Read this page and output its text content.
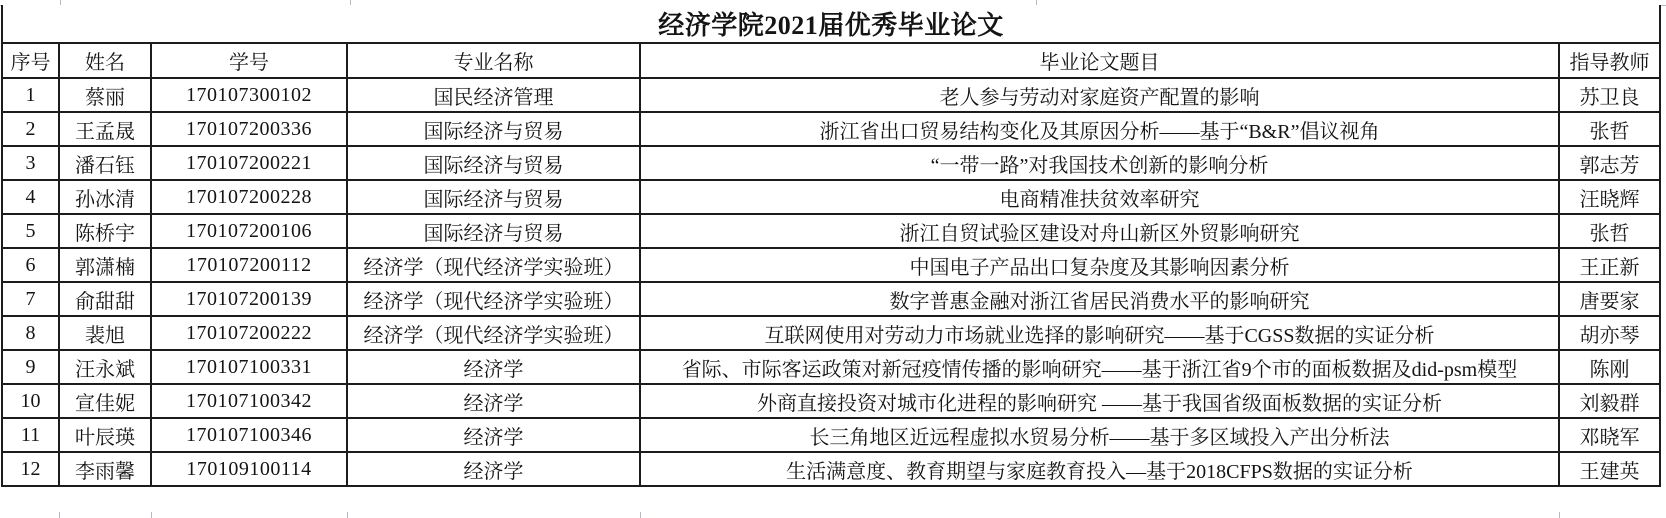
经济学院2021届优秀毕业论文					
序号	姓名	学号	专业名称	毕业论文题目	指导教师
1	蔡丽	170107300102	国民经济管理	老人参与劳动对家庭资产配置的影响	苏卫良
2	王孟晟	170107200336	国际经济与贸易	浙江省出口贸易结构变化及其原因分析——基于“B&R”倡议视角	张哲
3	潘石钰	170107200221	国际经济与贸易	“一带一路”对我国技术创新的影响分析	郭志芳
4	孙冰清	170107200228	国际经济与贸易	电商精准扶贫效率研究	汪晓辉
5	陈桥宇	170107200106	国际经济与贸易	浙江自贸试验区建设对舟山新区外贸影响研究	张哲
6	郭潇楠	170107200112	经济学（现代经济学实验班）	中国电子产品出口复杂度及其影响因素分析	王正新
7	俞甜甜	170107200139	经济学（现代经济学实验班）	数字普惠金融对浙江省居民消费水平的影响研究	唐要家
8	裴旭	170107200222	经济学（现代经济学实验班）	互联网使用对劳动力市场就业选择的影响研究——基于CGSS数据的实证分析	胡亦琴
9	汪永斌	170107100331	经济学	省际、市际客运政策对新冠疫情传播的影响研究——基于浙江省9个市的面板数据及did-psm模型	陈刚
10	宣佳妮	170107100342	经济学	外商直接投资对城市化进程的影响研究 ——基于我国省级面板数据的实证分析	刘毅群
11	叶辰瑛	170107100346	经济学	长三角地区近远程虚拟水贸易分析——基于多区域投入产出分析法	邓晓军
12	李雨馨	170109100114	经济学	生活满意度、教育期望与家庭教育投入—基于2018CFPS数据的实证分析	王建英
